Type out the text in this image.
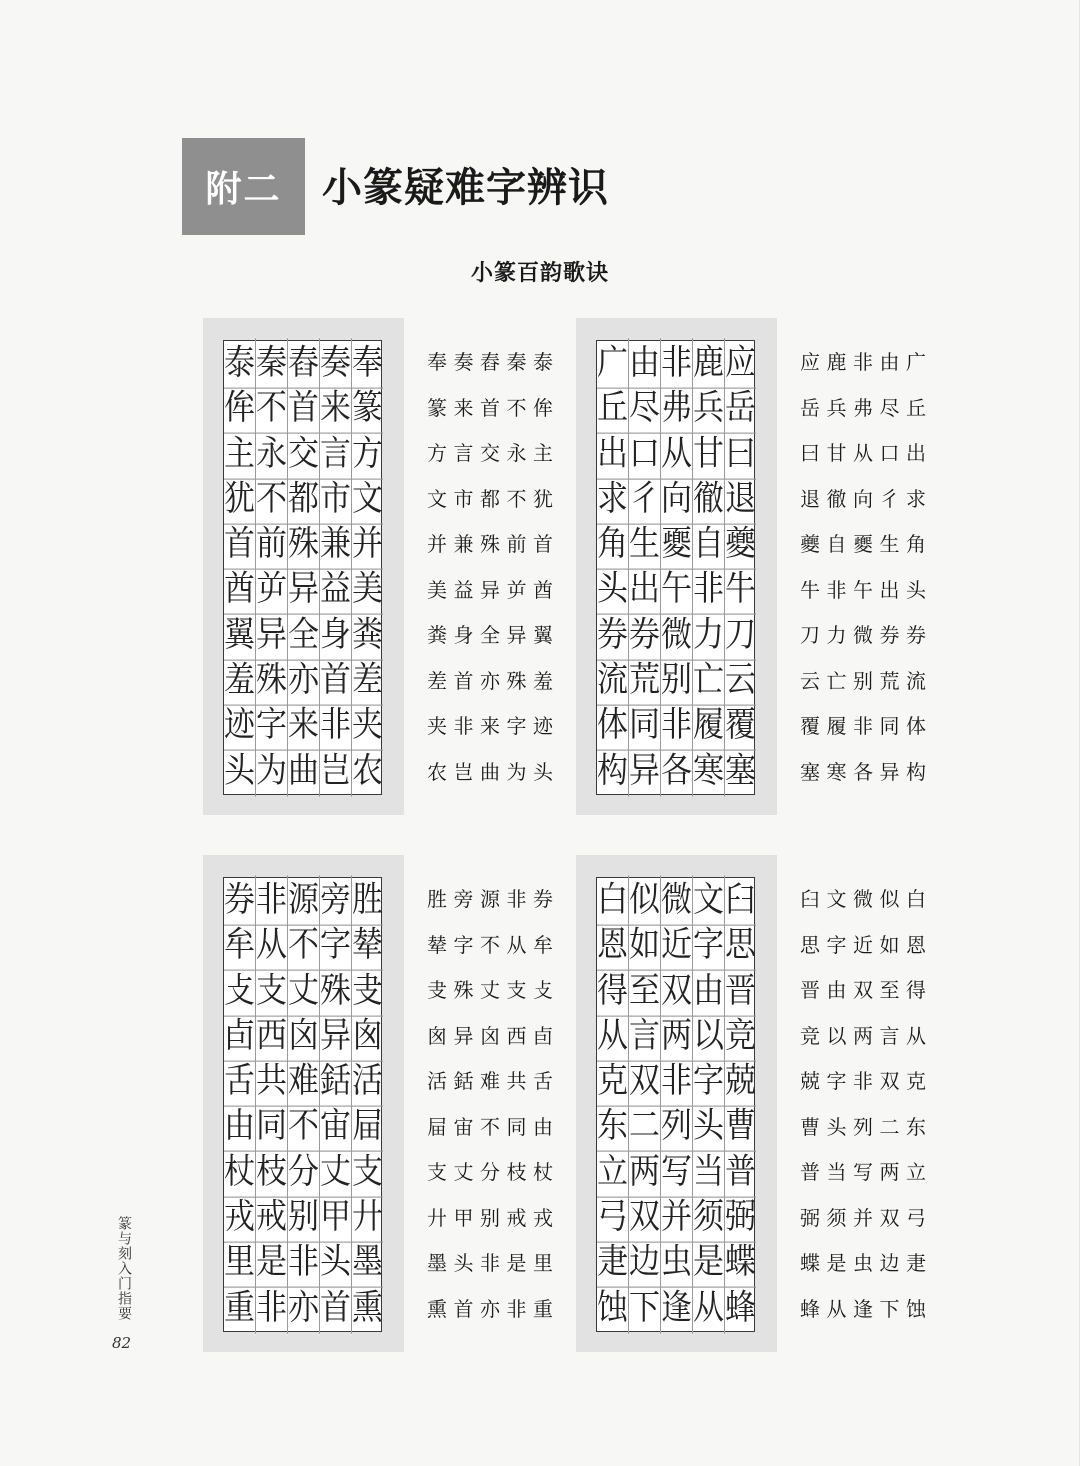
附二	小篆疑难字辨识
小篆百韵歌诀
泰 秦 舂 奏 奉
侔 不 首 来 篆
主 永 交 言 方
犹 不 都 市 文
首 前 殊 兼 并
酋 屰 异 益 美
翼 异 全 身 粪
羞 殊 亦 首 差
迹 字 来 非 夹
头 为 曲 岂 农
奉 奏 舂 秦 泰
篆 来 首 不 侔
方 言 交 永 主
文 市 都 不 犹
并 兼 殊 前 首
美 益 异 屰 酋
粪 身 全 异 翼
差 首 亦 殊 羞
夹 非 来 字 迹
农 岂 曲 为 头
广 由 非 鹿 应
丘 尽 弗 兵 岳
出 口 从 甘 曰
求 彳 向 徹 退
角 生 夒 自 夔
头 出 午 非 牛
券 券 微 力 刀
流 荒 别 亡 云
体 同 非 履 覆
构 异 各 寒 塞
应 鹿 非 由 广
岳 兵 弗 尽 丘
曰 甘 从 口 出
退 徹 向 彳 求
夔 自 夒 生 角
牛 非 午 出 头
刀 力 微 券 券
云 亡 别 荒 流
覆 履 非 同 体
塞 寒 各 异 构
券 非 源 旁 胜
牟 从 不 字 辇
攴 支 丈 殊 叏
卣 西 囟 异 囪
舌 共 难 銛 活
由 同 不 宙 屇
杖 枝 分 丈 支
戎 戒 别 甲 廾
里 是 非 头 墨
重 非 亦 首 熏
胜 旁 源 非 券
辇 字 不 从 牟
叏 殊 丈 支 攴
囪 异 囟 西 卣
活 銛 难 共 舌
屇 宙 不 同 由
支 丈 分 枝 杖
廾 甲 别 戒 戎
墨 头 非 是 里
熏 首 亦 非 重
白 似 微 文 臼
恩 如 近 字 思
得 至 双 由 晋
从 言 两 以 竞
克 双 非 字 兢
东 二 列 头 曹
立 两 写 当 普
弓 双 并 须 弼
疌 边 虫 是 蝶
蚀 下 逢 从 蜂
臼 文 微 似 白
思 字 近 如 恩
晋 由 双 至 得
竞 以 两 言 从
兢 字 非 双 克
曹 头 列 二 东
普 当 写 两 立
弼 须 并 双 弓
蝶 是 虫 边 疌
蜂 从 逢 下 蚀
篆与刻入门指要
82
